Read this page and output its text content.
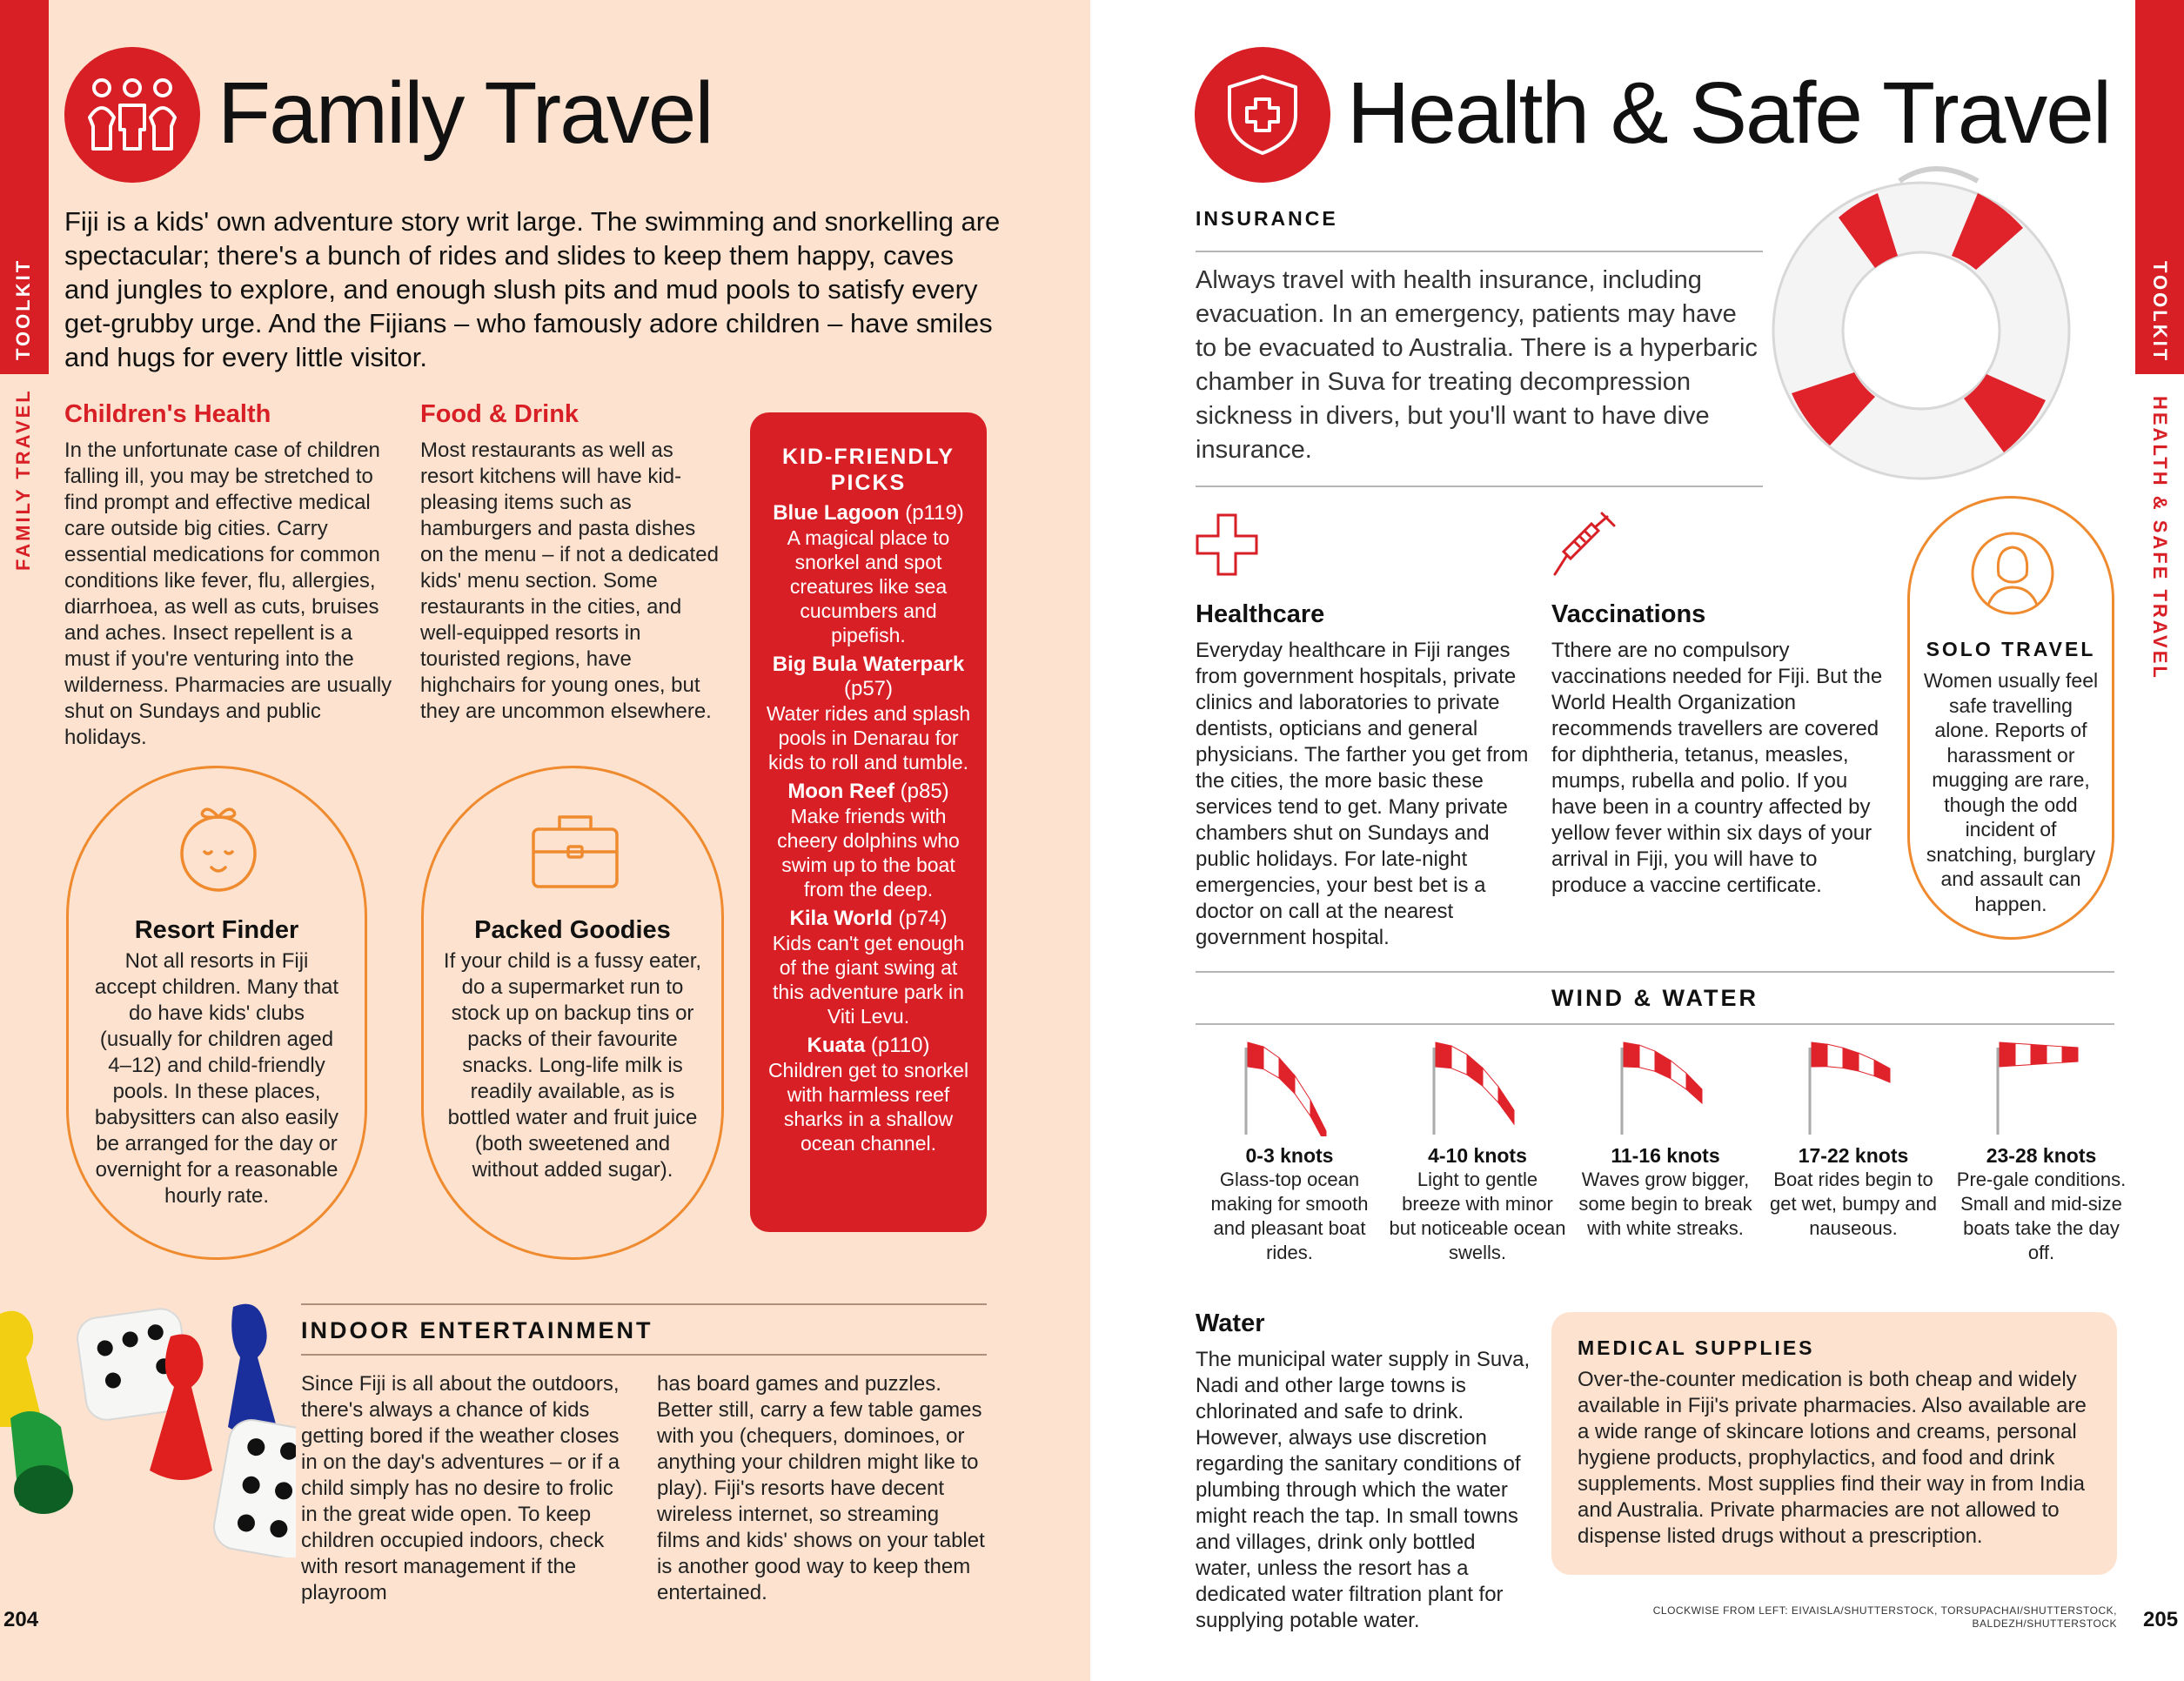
TOOLKIT
FAMILY TRAVEL
Family Travel
Fiji is a kids' own adventure story writ large. The swimming and snorkelling are spectacular; there's a bunch of rides and slides to keep them happy, caves and jungles to explore, and enough slush pits and mud pools to satisfy every get-grubby urge. And the Fijians – who famously adore children – have smiles and hugs for every little visitor.
Children's Health
In the unfortunate case of children falling ill, you may be stretched to find prompt and effective medical care outside big cities. Carry essential medications for common conditions like fever, flu, allergies, diarrhoea, as well as cuts, bruises and aches. Insect repellent is a must if you're venturing into the wilderness. Pharmacies are usually shut on Sundays and public holidays.
Food & Drink
Most restaurants as well as resort kitchens will have kid-pleasing items such as hamburgers and pasta dishes on the menu – if not a dedicated kids' menu section. Some restaurants in the cities, and well-equipped resorts in touristed regions, have highchairs for young ones, but they are uncommon elsewhere.
Resort Finder

Not all resorts in Fiji accept children. Many that do have kids' clubs (usually for children aged 4–12) and child-friendly pools. In these places, babysitters can also easily be arranged for the day or overnight for a reasonable hourly rate.

Packed Goodies

If your child is a fussy eater, do a supermarket run to stock up on backup tins or packs of their favourite snacks. Long-life milk is readily available, as is bottled water and fruit juice (both sweetened and without added sugar).

KID-FRIENDLY PICKS
Blue Lagoon (p119)
A magical place to snorkel and spot creatures like sea cucumbers and pipefish.
Big Bula Waterpark (p57)
Water rides and splash pools in Denarau for kids to roll and tumble.
Moon Reef (p85)
Make friends with cheery dolphins who swim up to the boat from the deep.
Kila World (p74)
Kids can't get enough of the giant swing at this adventure park in Viti Levu.
Kuata (p110)
Children get to snorkel with harmless reef sharks in a shallow ocean channel.
INDOOR ENTERTAINMENT
Since Fiji is all about the outdoors, there's always a chance of kids getting bored if the weather closes in on the day's adventures – or if a child simply has no desire to frolic in the great wide open. To keep children occupied indoors, check with resort management if the playroom
has board games and puzzles. Better still, carry a few table games with you (chequers, dominoes, or anything your children might like to play). Fiji's resorts have decent wireless internet, so streaming films and kids' shows on your tablet is another good way to keep them entertained.
204
TOOLKIT
HEALTH & SAFE TRAVEL
Health & Safe Travel
INSURANCE
Always travel with health insurance, including evacuation. In an emergency, patients may have to be evacuated to Australia. There is a hyperbaric chamber in Suva for treating decompression sickness in divers, but you'll want to have dive insurance.
Healthcare
Everyday healthcare in Fiji ranges from government hospitals, private clinics and laboratories to private dentists, opticians and general physicians. The farther you get from the cities, the more basic these services tend to get. Many private chambers shut on Sundays and public holidays. For late-night emergencies, your best bet is a doctor on call at the nearest government hospital.
Vaccinations
Tthere are no compulsory vaccinations needed for Fiji. But the World Health Organization recommends travellers are covered for diphtheria, tetanus, measles, mumps, rubella and polio. If you have been in a country affected by yellow fever within six days of your arrival in Fiji, you will have to produce a vaccine certificate.
SOLO TRAVEL

Women usually feel safe travelling alone. Reports of harassment or mugging are rare, though the odd incident of snatching, burglary and assault can happen.

WIND & WATER
0-3 knots
Glass-top ocean making for smooth and pleasant boat rides.
4-10 knots
Light to gentle breeze with minor but noticeable ocean swells.
11-16 knots
Waves grow bigger, some begin to break with white streaks.
17-22 knots
Boat rides begin to get wet, bumpy and nauseous.
23-28 knots
Pre-gale conditions. Small and mid-size boats take the day off.
Water
The municipal water supply in Suva, Nadi and other large towns is chlorinated and safe to drink. However, always use discretion regarding the sanitary conditions of plumbing through which the water might reach the tap. In small towns and villages, drink only bottled water, unless the resort has a dedicated water filtration plant for supplying potable water.
MEDICAL SUPPLIES
Over-the-counter medication is both cheap and widely available in Fiji's private pharmacies. Also available are a wide range of skincare lotions and creams, personal hygiene products, prophylactics, and food and drink supplements. Most supplies find their way in from India and Australia. Private pharmacies are not allowed to dispense listed drugs without a prescription.
CLOCKWISE FROM LEFT: EIVAISLA/SHUTTERSTOCK, TORSUPACHAI/SHUTTERSTOCK, BALDEZH/SHUTTERSTOCK 205
